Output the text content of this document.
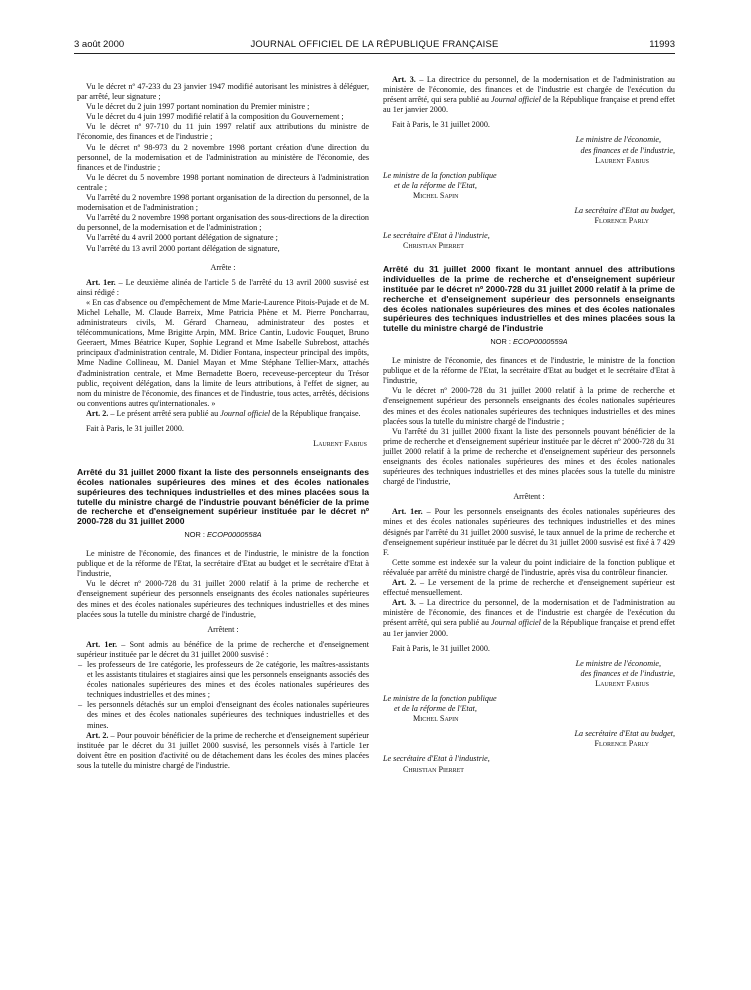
3 août 2000	JOURNAL OFFICIEL DE LA RÉPUBLIQUE FRANÇAISE	11993

Vu le décret nº 47-233 du 23 janvier 1947 modifié autorisant les ministres à déléguer, par arrêté, leur signature ;

Vu le décret du 2 juin 1997 portant nomination du Premier ministre ;

Vu le décret du 4 juin 1997 modifié relatif à la composition du Gouvernement ;

Vu le décret nº 97-710 du 11 juin 1997 relatif aux attributions du ministre de l'économie, des finances et de l'industrie ;

Vu le décret nº 98-973 du 2 novembre 1998 portant création d'une direction du personnel, de la modernisation et de l'administration au ministère de l'économie, des finances et de l'industrie ;

Vu le décret du 5 novembre 1998 portant nomination de directeurs à l'administration centrale ;

Vu l'arrêté du 2 novembre 1998 portant organisation de la direction du personnel, de la modernisation et de l'administration ;

Vu l'arrêté du 2 novembre 1998 portant organisation des sous-directions de la direction du personnel, de la modernisation et de l'administration ;

Vu l'arrêté du 4 avril 2000 portant délégation de signature ;

Vu l'arrêté du 13 avril 2000 portant délégation de signature,

Arrête :

Art. 1er. – Le deuxième alinéa de l'article 5 de l'arrêté du 13 avril 2000 susvisé est ainsi rédigé :

« En cas d'absence ou d'empêchement de Mme Marie-Laurence Pitois-Pujade et de M. Michel Lehalle, M. Claude Barreix, Mme Patricia Phène et M. Pierre Poncharrau, administrateurs civils, M. Gérard Charneau, administrateur des postes et télécommunications, Mme Brigitte Arpin, MM. Brice Cantin, Ludovic Fouquet, Bruno Geeraert, Mmes Béatrice Kuper, Sophie Legrand et Mme Isabelle Subrebost, attachés principaux d'administration centrale, M. Didier Fontana, inspecteur principal des impôts, Mme Nadine Collineau, M. Daniel Mayan et Mme Stéphane Tellier-Marx, attachés d'administration centrale, et Mme Bernadette Boero, receveuse-percepteur du Trésor public, reçoivent délégation, dans la limite de leurs attributions, à l'effet de signer, au nom du ministre de l'économie, des finances et de l'industrie, tous actes, arrêtés, décisions ou conventions autres qu'internationales. »

Art. 2. – Le présent arrêté sera publié au Journal officiel de la République française.

Fait à Paris, le 31 juillet 2000.

Laurent Fabius

Arrêté du 31 juillet 2000 fixant la liste des personnels enseignants des écoles nationales supérieures des mines et des écoles nationales supérieures des techniques industrielles et des mines placées sous la tutelle du ministre chargé de l'industrie pouvant bénéficier de la prime de recherche et d'enseignement supérieur instituée par le décret nº 2000-728 du 31 juillet 2000

NOR : ECOP0000558A

Le ministre de l'économie, des finances et de l'industrie, le ministre de la fonction publique et de la réforme de l'Etat, la secrétaire d'Etat au budget et le secrétaire d'Etat à l'industrie,

Vu le décret nº 2000-728 du 31 juillet 2000 relatif à la prime de recherche et d'enseignement supérieur des personnels enseignants des écoles nationales supérieures des mines et des écoles nationales supérieures des techniques industrielles et des mines placées sous la tutelle du ministre chargé de l'industrie,

Arrêtent :

Art. 1er. – Sont admis au bénéfice de la prime de recherche et d'enseignement supérieur instituée par le décret du 31 juillet 2000 susvisé :

– les professeurs de 1re catégorie, les professeurs de 2e catégorie, les maîtres-assistants et les assistants titulaires et stagiaires ainsi que les personnels enseignants associés des écoles nationales supérieures des mines et des écoles nationales supérieures des techniques industrielles et des mines ;
– les personnels détachés sur un emploi d'enseignant des écoles nationales supérieures des mines et des écoles nationales supérieures des techniques industrielles et des mines.

Art. 2. – Pour pouvoir bénéficier de la prime de recherche et d'enseignement supérieur instituée par le décret du 31 juillet 2000 susvisé, les personnels visés à l'article 1er doivent être en position d'activité ou de détachement dans les écoles des mines placées sous la tutelle du ministre chargé de l'industrie.

Art. 3. – La directrice du personnel, de la modernisation et de l'administration au ministère de l'économie, des finances et de l'industrie est chargée de l'exécution du présent arrêté, qui sera publié au Journal officiel de la République française et prend effet au 1er janvier 2000.

Fait à Paris, le 31 juillet 2000.

Le ministre de l'économie,
des finances et de l'industrie,
Laurent Fabius
Le ministre de la fonction publique
et de la réforme de l'Etat,
Michel Sapin
La secrétaire d'Etat au budget,
Florence Parly
Le secrétaire d'Etat à l'industrie,
Christian Pierret

Arrêté du 31 juillet 2000 fixant le montant annuel des attributions individuelles de la prime de recherche et d'enseignement supérieur instituée par le décret nº 2000-728 du 31 juillet 2000 relatif à la prime de recherche et d'enseignement supérieur des personnels enseignants des écoles nationales supérieures des mines et des écoles nationales supérieures des techniques industrielles et des mines placées sous la tutelle du ministre chargé de l'industrie

NOR : ECOP0000559A

Le ministre de l'économie, des finances et de l'industrie, le ministre de la fonction publique et de la réforme de l'Etat, la secrétaire d'Etat au budget et le secrétaire d'Etat à l'industrie,

Vu le décret nº 2000-728 du 31 juillet 2000 relatif à la prime de recherche et d'enseignement supérieur des personnels enseignants des écoles nationales supérieures des mines et des écoles nationales supérieures des techniques industrielles et des mines placées sous la tutelle du ministre chargé de l'industrie ;

Vu l'arrêté du 31 juillet 2000 fixant la liste des personnels pouvant bénéficier de la prime de recherche et d'enseignement supérieur instituée par le décret nº 2000-728 du 31 juillet 2000 relatif à la prime de recherche et d'enseignement supérieur des personnels enseignants des écoles nationales supérieures des mines et des écoles nationales supérieures des techniques industrielles et des mines placées sous la tutelle du ministre chargé de l'industrie,

Arrêtent :

Art. 1er. – Pour les personnels enseignants des écoles nationales supérieures des mines et des écoles nationales supérieures des techniques industrielles et des mines désignés par l'arrêté du 31 juillet 2000 susvisé, le taux annuel de la prime de recherche et d'enseignement supérieur instituée par le décret du 31 juillet 2000 susvisé est fixé à 7 429 F.

Cette somme est indexée sur la valeur du point indiciaire de la fonction publique et réévaluée par arrêté du ministre chargé de l'industrie, après visa du contrôleur financier.

Art. 2. – Le versement de la prime de recherche et d'enseignement supérieur est effectué mensuellement.

Art. 3. – La directrice du personnel, de la modernisation et de l'administration au ministère de l'économie, des finances et de l'industrie est chargée de l'exécution du présent arrêté, qui sera publié au Journal officiel de la République française et prend effet au 1er janvier 2000.

Fait à Paris, le 31 juillet 2000.

Le ministre de l'économie,
des finances et de l'industrie,
Laurent Fabius
Le ministre de la fonction publique
et de la réforme de l'Etat,
Michel Sapin
La secrétaire d'Etat au budget,
Florence Parly
Le secrétaire d'Etat à l'industrie,
Christian Pierret
